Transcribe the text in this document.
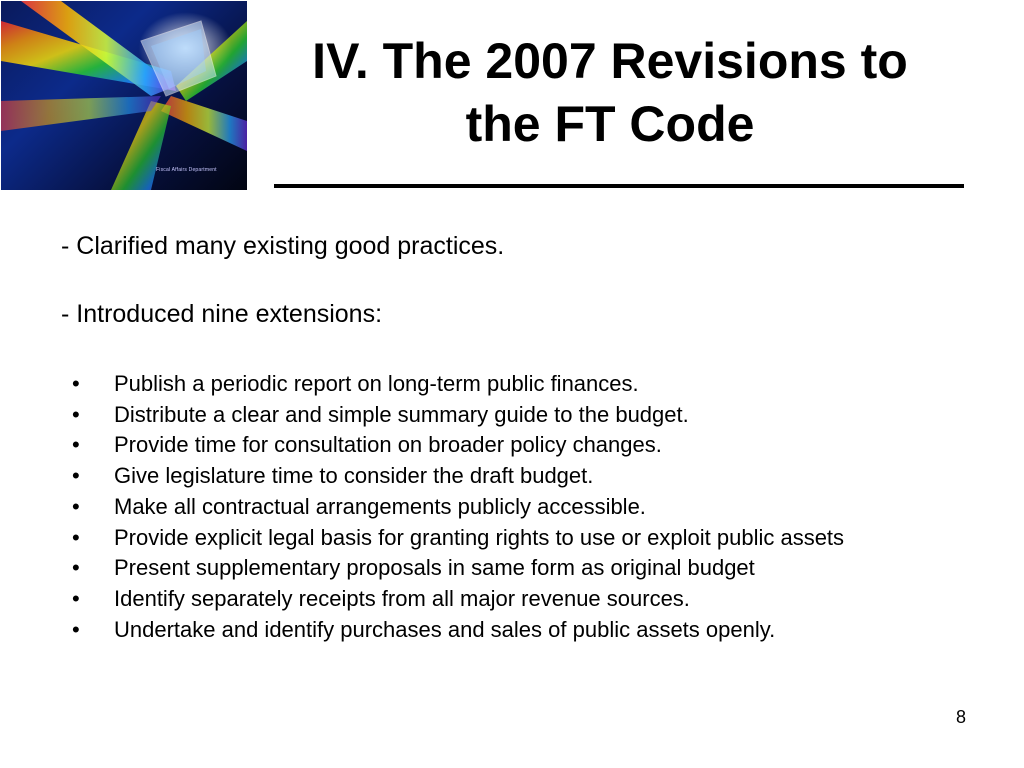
Fiscal Affairs Department
IV. The 2007 Revisions to the FT Code
- Clarified many existing good practices.
- Introduced nine extensions:
• Publish a periodic report on long-term public finances.
• Distribute a clear and simple summary guide to the budget.
• Provide time for consultation on broader policy changes.
• Give legislature time to consider the draft budget.
• Make all contractual arrangements publicly accessible.
• Provide explicit legal basis for granting rights to use or exploit public assets
• Present supplementary proposals in same form as original budget
• Identify separately receipts from all major revenue sources.
• Undertake and identify purchases and sales of public assets openly.
8
